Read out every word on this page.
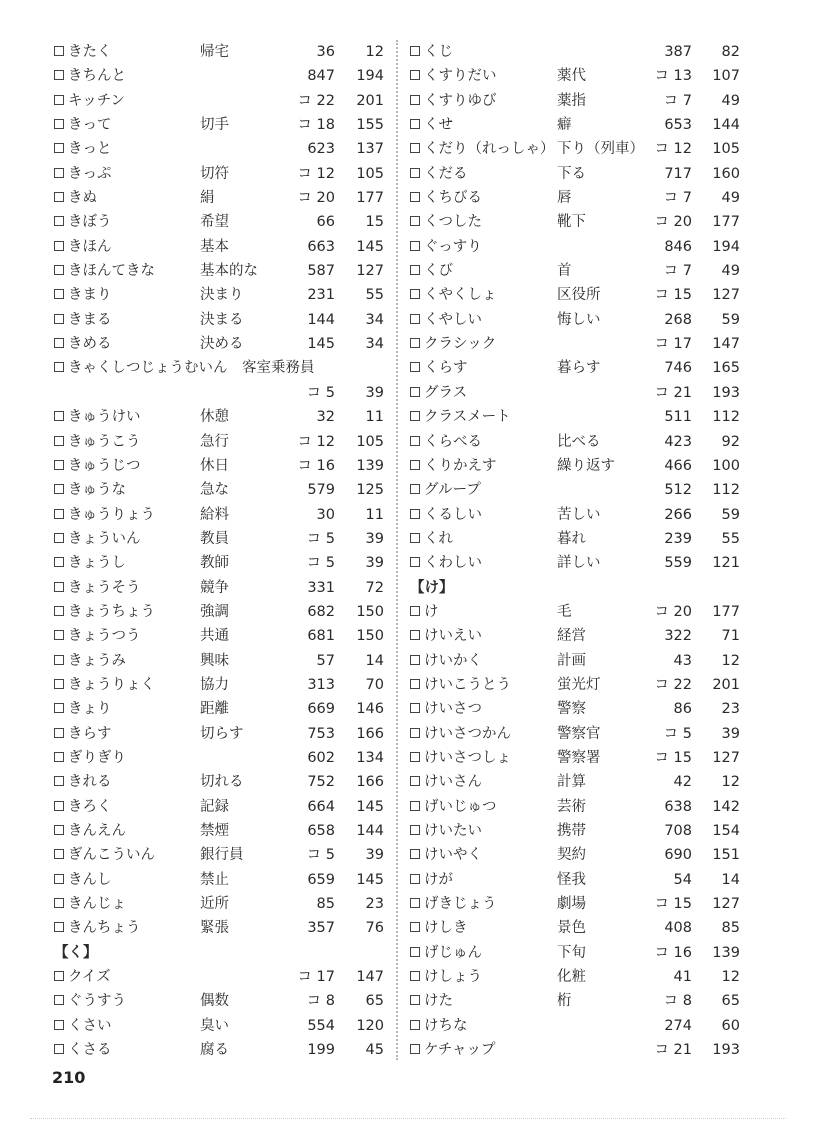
きたく	帰宅	36	12
きちんと	847	194
キッチン	コ 22	201
きって	切手	コ 18	155
きっと	623	137
きっぷ	切符	コ 12	105
きぬ	絹	コ 20	177
きぼう	希望	66	15
きほん	基本	663	145
きほんてきな	基本的な	587	127
きまり	決まり	231	55
きまる	決まる	144	34
きめる	決める	145	34
きゃくしつじょうむいん　客室乗務員
コ 5	39
きゅうけい	休憩	32	11
きゅうこう	急行	コ 12	105
きゅうじつ	休日	コ 16	139
きゅうな	急な	579	125
きゅうりょう	給料	30	11
きょういん	教員	コ 5	39
きょうし	教師	コ 5	39
きょうそう	競争	331	72
きょうちょう	強調	682	150
きょうつう	共通	681	150
きょうみ	興味	57	14
きょうりょく	協力	313	70
きょり	距離	669	146
きらす	切らす	753	166
ぎりぎり	602	134
きれる	切れる	752	166
きろく	記録	664	145
きんえん	禁煙	658	144
ぎんこういん	銀行員	コ 5	39
きんし	禁止	659	145
きんじょ	近所	85	23
きんちょう	緊張	357	76
【く】
クイズ	コ 17	147
ぐうすう	偶数	コ 8	65
くさい	臭い	554	120
くさる	腐る	199	45
くじ	387	82
くすりだい	薬代	コ 13	107
くすりゆび	薬指	コ 7	49
くせ	癖	653	144
くだり（れっしゃ） 下り（列車） コ 12	105
くだる	下る	717	160
くちびる	唇	コ 7	49
くつした	靴下	コ 20	177
ぐっすり	846	194
くび	首	コ 7	49
くやくしょ	区役所	コ 15	127
くやしい	悔しい	268	59
クラシック	コ 17	147
くらす	暮らす	746	165
グラス	コ 21	193
クラスメート	511	112
くらべる	比べる	423	92
くりかえす	繰り返す	466	100
グループ	512	112
くるしい	苦しい	266	59
くれ	暮れ	239	55
くわしい	詳しい	559	121
【け】
け	毛	コ 20	177
けいえい	経営	322	71
けいかく	計画	43	12
けいこうとう	蛍光灯	コ 22	201
けいさつ	警察	86	23
けいさつかん	警察官	コ 5	39
けいさつしょ	警察署	コ 15	127
けいさん	計算	42	12
げいじゅつ	芸術	638	142
けいたい	携帯	708	154
けいやく	契約	690	151
けが	怪我	54	14
げきじょう	劇場	コ 15	127
けしき	景色	408	85
げじゅん	下旬	コ 16	139
けしょう	化粧	41	12
けた	桁	コ 8	65
けちな	274	60
ケチャップ	コ 21	193
210
